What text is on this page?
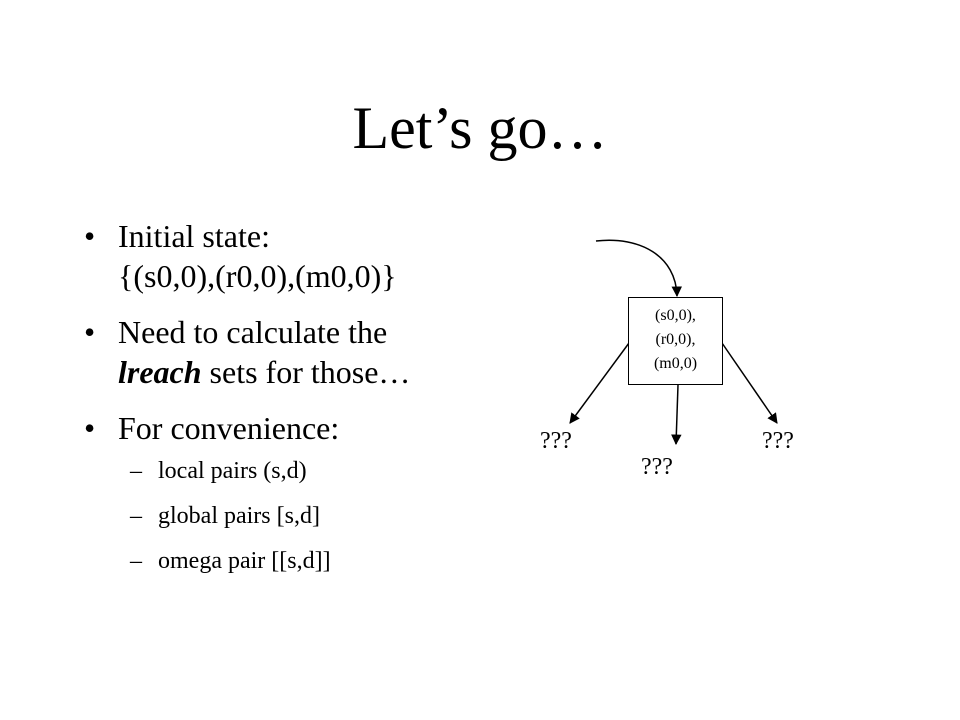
Let’s go…
• Initial state:
{(s0,0),(r0,0),(m0,0)}
• Need to calculate the
lreach sets for those…
• For convenience:
– local pairs (s,d)
– global pairs [s,d]
– omega pair [[s,d]]
(s0,0),
(r0,0),
(m0,0)
???
???
???
